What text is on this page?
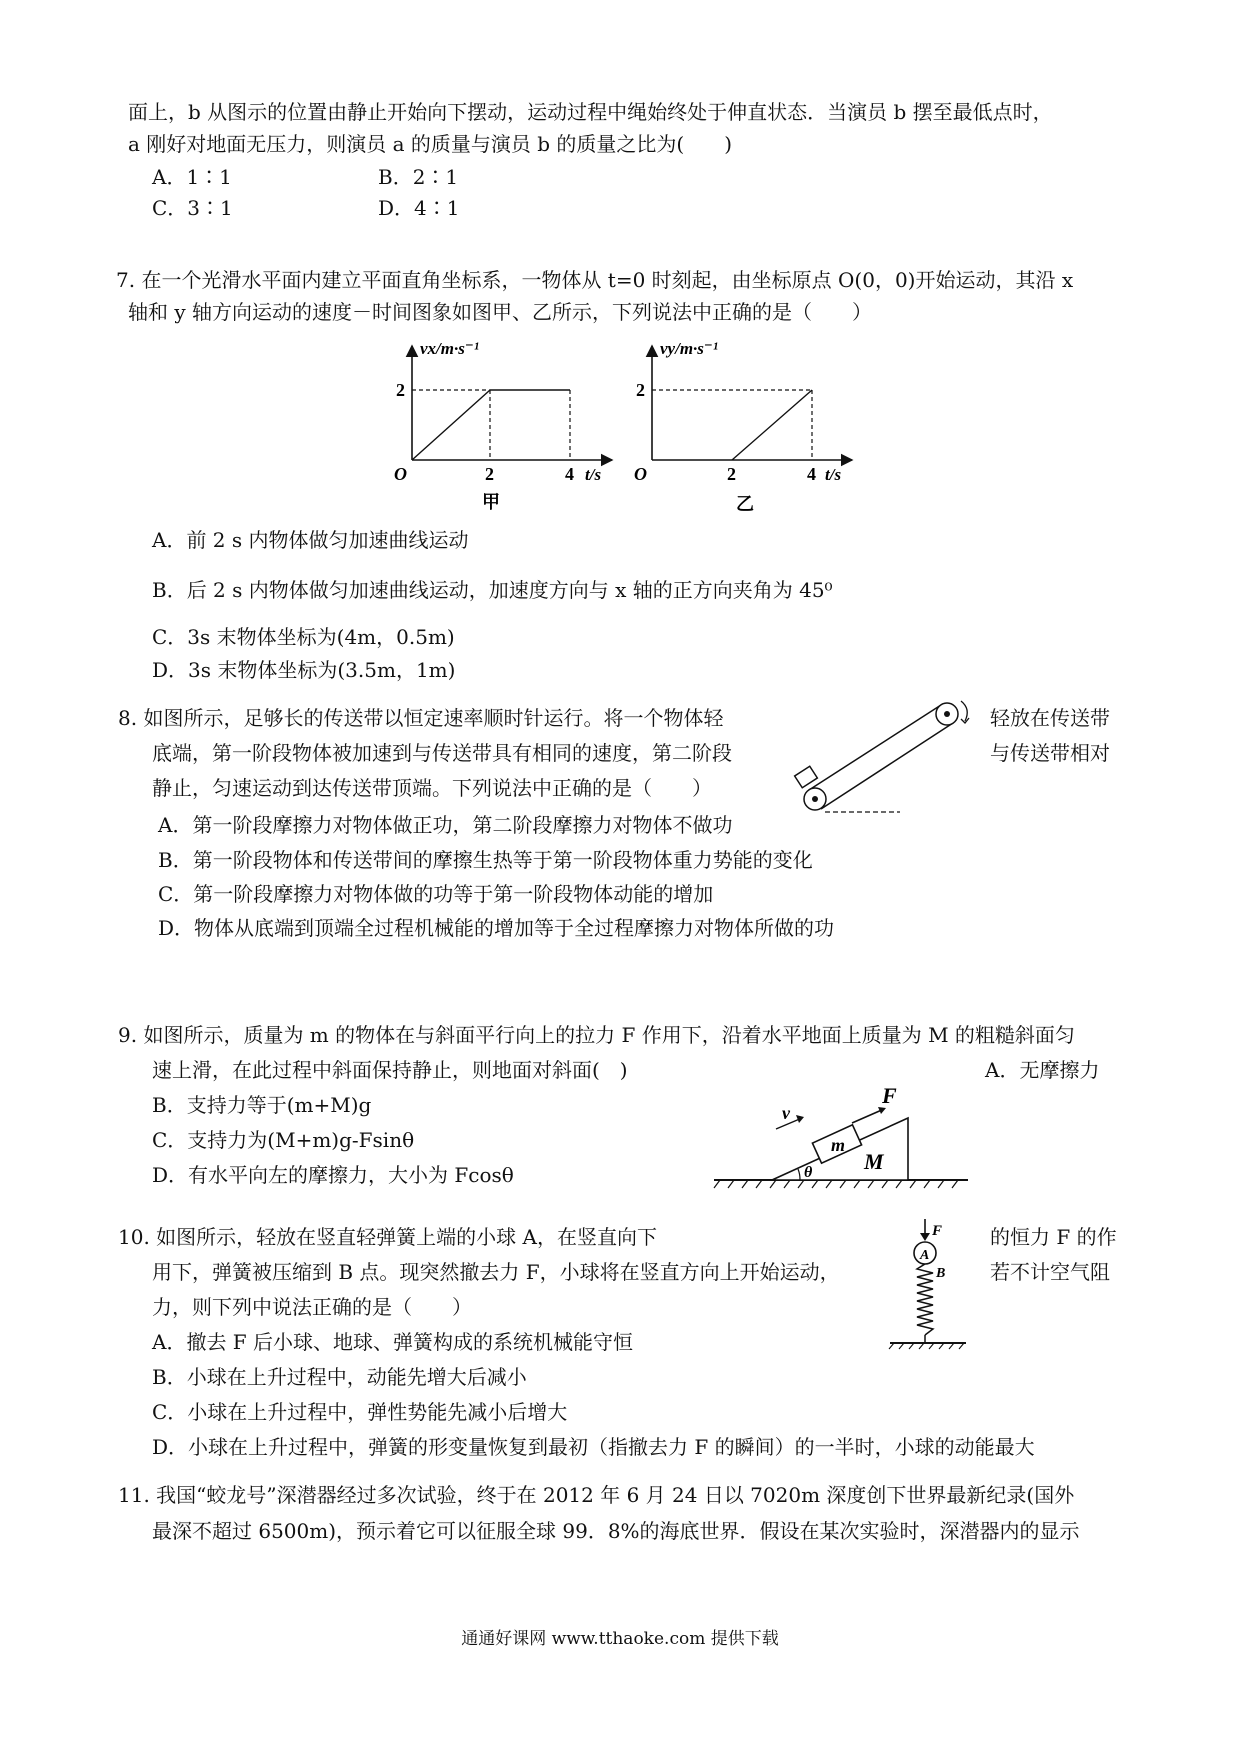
面上，b 从图示的位置由静止开始向下摆动，运动过程中绳始终处于伸直状态．当演员 b 摆至最低点时，
a 刚好对地面无压力，则演员 a 的质量与演员 b 的质量之比为(　　)
A．1∶1	B．2∶1
C．3∶1	D．4∶1
7. 在一个光滑水平面内建立平面直角坐标系，一物体从 t=0 时刻起，由坐标原点 O(0，0)开始运动，其沿 x
轴和 y 轴方向运动的速度－时间图象如图甲、乙所示，下列说法中正确的是（　　）
vx/m·s⁻¹
2
O	2	4 t/s
甲
vy/m·s⁻¹
2
O	2	4 t/s
乙
A．前 2 s 内物体做匀加速曲线运动
B．后 2 s 内物体做匀加速曲线运动，加速度方向与 x 轴的正方向夹角为 45⁰
C．3s 末物体坐标为(4m，0.5m)
D．3s 末物体坐标为(3.5m，1m)
8. 如图所示，足够长的传送带以恒定速率顺时针运行。将一个物体轻	轻放在传送带
底端，第一阶段物体被加速到与传送带具有相同的速度，第二阶段	与传送带相对
静止，匀速运动到达传送带顶端。下列说法中正确的是（　　）
A．第一阶段摩擦力对物体做正功，第二阶段摩擦力对物体不做功
B．第一阶段物体和传送带间的摩擦生热等于第一阶段物体重力势能的变化
C．第一阶段摩擦力对物体做的功等于第一阶段物体动能的增加
D．物体从底端到顶端全过程机械能的增加等于全过程摩擦力对物体所做的功
9. 如图所示，质量为 m 的物体在与斜面平行向上的拉力 F 作用下，沿着水平地面上质量为 M 的粗糙斜面匀
速上滑，在此过程中斜面保持静止，则地面对斜面(　)	A．无摩擦力
B．支持力等于(m+M)g
C．支持力为(M+m)g-Fsinθ
D．有水平向左的摩擦力，大小为 Fcosθ	θ M
m
F
v
10. 如图所示，轻放在竖直轻弹簧上端的小球 A，在竖直向下	的恒力 F 的作
用下，弹簧被压缩到 B 点。现突然撤去力 F，小球将在竖直方向上开始运动，	若不计空气阻
力，则下列中说法正确的是（　　）
F
A
B
A．撤去 F 后小球、地球、弹簧构成的系统机械能守恒
B．小球在上升过程中，动能先增大后减小
C．小球在上升过程中，弹性势能先减小后增大
D．小球在上升过程中，弹簧的形变量恢复到最初（指撤去力 F 的瞬间）的一半时，小球的动能最大
11. 我国“蛟龙号”深潜器经过多次试验，终于在 2012 年 6 月 24 日以 7020m 深度创下世界最新纪录(国外
最深不超过 6500m)，预示着它可以征服全球 99．8%的海底世界．假设在某次实验时，深潜器内的显示
通通好课网 www.tthaoke.com 提供下载
